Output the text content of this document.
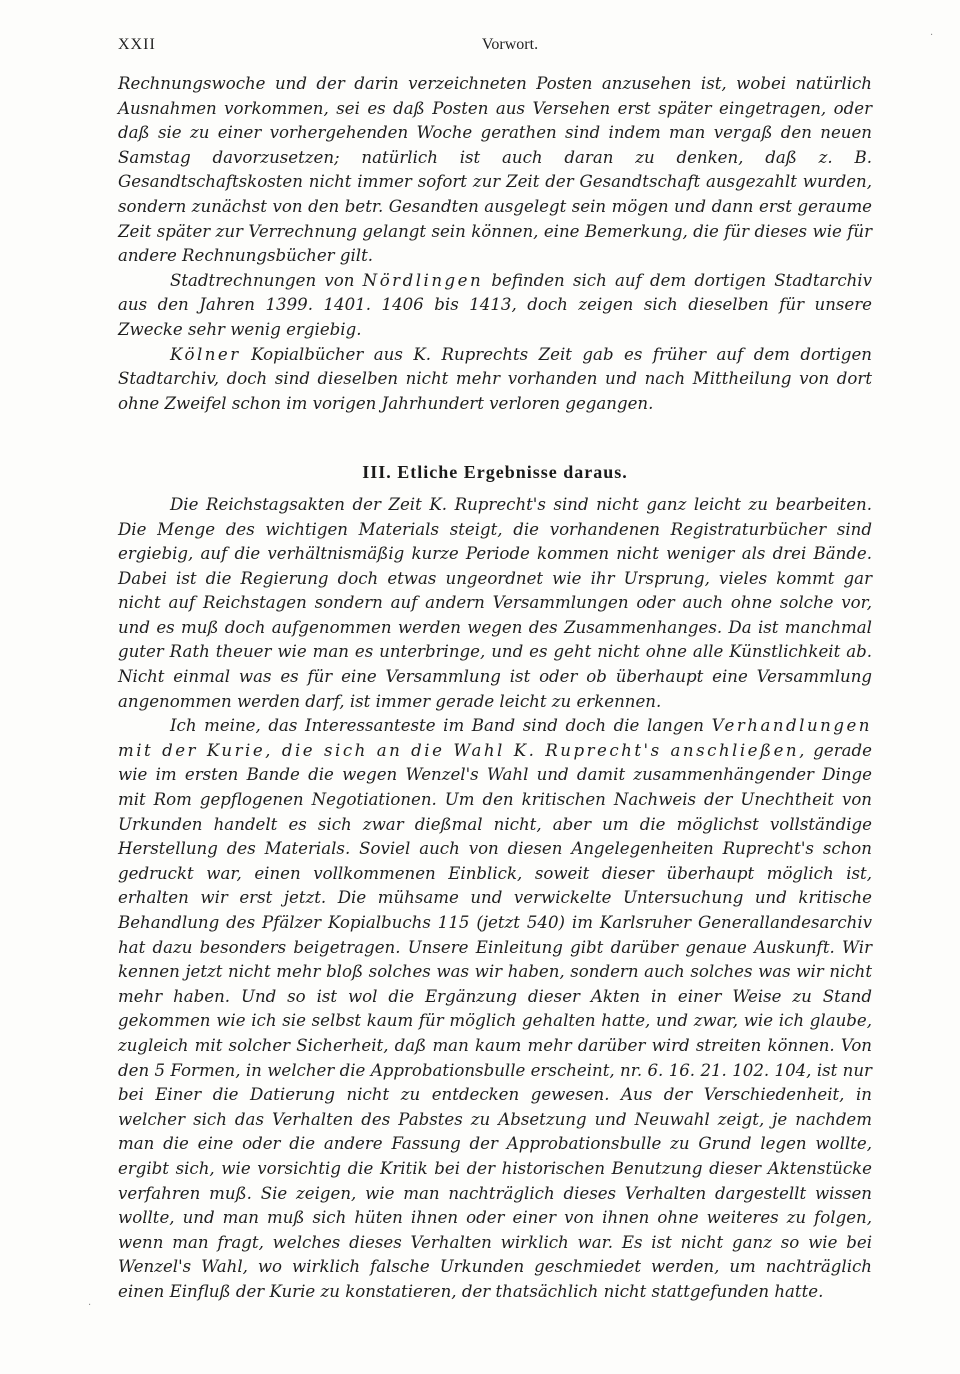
XXII	Vorwort.

Rechnungswoche und der darin verzeichneten Posten anzusehen ist, wobei natürlich Ausnahmen vorkommen, sei es daß Posten aus Versehen erst später eingetragen, oder daß sie zu einer vorhergehenden Woche gerathen sind indem man vergaß den neuen Samstag davorzusetzen; natürlich ist auch daran zu denken, daß z. B. Gesandtschaftskosten nicht immer sofort zur Zeit der Gesandtschaft ausgezahlt wurden, sondern zunächst von den betr. Gesandten ausgelegt sein mögen und dann erst geraume Zeit später zur Verrechnung gelangt sein können, eine Bemerkung, die für dieses wie für andere Rechnungsbücher gilt.

Stadtrechnungen von Nördlingen befinden sich auf dem dortigen Stadtarchiv aus den Jahren 1399. 1401. 1406 bis 1413, doch zeigen sich dieselben für unsere Zwecke sehr wenig ergiebig.

Kölner Kopialbücher aus K. Ruprechts Zeit gab es früher auf dem dortigen Stadtarchiv, doch sind dieselben nicht mehr vorhanden und nach Mittheilung von dort ohne Zweifel schon im vorigen Jahrhundert verloren gegangen.

III. Etliche Ergebnisse daraus.

Die Reichstagsakten der Zeit K. Ruprecht's sind nicht ganz leicht zu bearbeiten. Die Menge des wichtigen Materials steigt, die vorhandenen Registraturbücher sind ergiebig, auf die verhältnismäßig kurze Periode kommen nicht weniger als drei Bände. Dabei ist die Regierung doch etwas ungeordnet wie ihr Ursprung, vieles kommt gar nicht auf Reichstagen sondern auf andern Versammlungen oder auch ohne solche vor, und es muß doch aufgenommen werden wegen des Zusammenhanges. Da ist manchmal guter Rath theuer wie man es unterbringe, und es geht nicht ohne alle Künstlichkeit ab. Nicht einmal was es für eine Versammlung ist oder ob überhaupt eine Versammlung angenommen werden darf, ist immer gerade leicht zu erkennen.

Ich meine, das Interessanteste im Band sind doch die langen Verhandlungen mit der Kurie, die sich an die Wahl K. Ruprecht's anschließen, gerade wie im ersten Bande die wegen Wenzel's Wahl und damit zusammenhängender Dinge mit Rom gepflogenen Negotiationen. Um den kritischen Nachweis der Unechtheit von Urkunden handelt es sich zwar dießmal nicht, aber um die möglichst vollständige Herstellung des Materials. Soviel auch von diesen Angelegenheiten Ruprecht's schon gedruckt war, einen vollkommenen Einblick, soweit dieser überhaupt möglich ist, erhalten wir erst jetzt. Die mühsame und verwickelte Untersuchung und kritische Behandlung des Pfälzer Kopialbuchs 115 (jetzt 540) im Karlsruher Generallandesarchiv hat dazu besonders beigetragen. Unsere Einleitung gibt darüber genaue Auskunft. Wir kennen jetzt nicht mehr bloß solches was wir haben, sondern auch solches was wir nicht mehr haben. Und so ist wol die Ergänzung dieser Akten in einer Weise zu Stand gekommen wie ich sie selbst kaum für möglich gehalten hatte, und zwar, wie ich glaube, zugleich mit solcher Sicherheit, daß man kaum mehr darüber wird streiten können. Von den 5 Formen, in welcher die Approbationsbulle erscheint, nr. 6. 16. 21. 102. 104, ist nur bei Einer die Datierung nicht zu entdecken gewesen. Aus der Verschiedenheit, in welcher sich das Verhalten des Pabstes zu Absetzung und Neuwahl zeigt, je nachdem man die eine oder die andere Fassung der Approbationsbulle zu Grund legen wollte, ergibt sich, wie vorsichtig die Kritik bei der historischen Benutzung dieser Aktenstücke verfahren muß. Sie zeigen, wie man nachträglich dieses Verhalten dargestellt wissen wollte, und man muß sich hüten ihnen oder einer von ihnen ohne weiteres zu folgen, wenn man fragt, welches dieses Verhalten wirklich war. Es ist nicht ganz so wie bei Wenzel's Wahl, wo wirklich falsche Urkunden geschmiedet werden, um nachträglich einen Einfluß der Kurie zu konstatieren, der thatsächlich nicht stattgefunden hatte.

·
·
